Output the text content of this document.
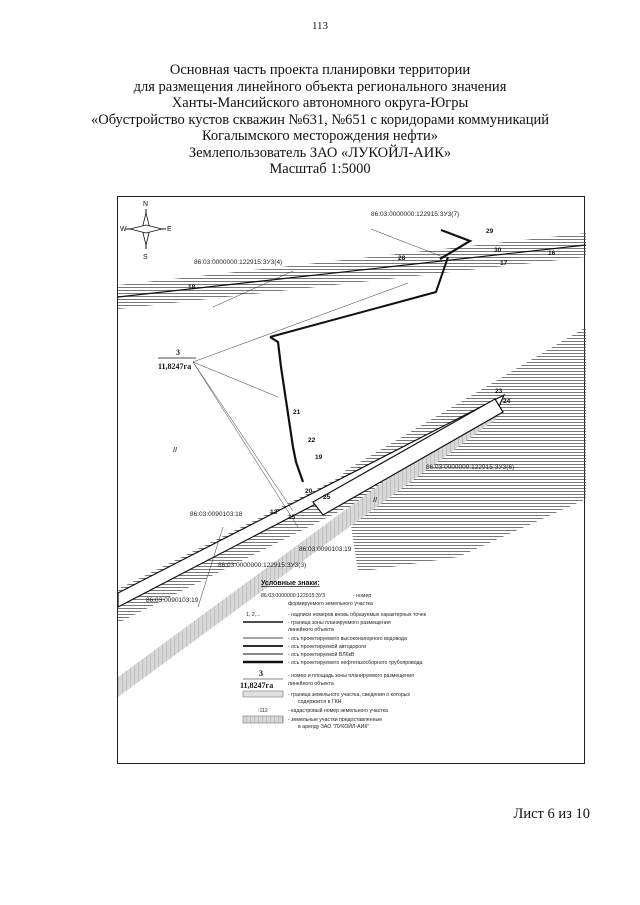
113
Основная часть проекта планировки территории
для размещения линейного объекта регионального значения
Ханты-Мансийского автономного округа-Югры
«Обустройство кустов скважин №631, №651 с коридорами коммуникаций
Когалымского месторождения нефти»
Землепользователь ЗАО «ЛУКОЙЛ-АИК»
Масштаб 1:5000
N
S
W	E
86:03:0000000:122915:ЗУ3(7)
86:03:0000000:122915:ЗУ3(4)
86:03:0000000:122915:ЗУ3(6)
86:03:0000000:122915:ЗУ3(3)
86:03:0090103:18
86:03:0090103:19
86:03:0090103:19
3
11,8247га
29
30
28
16
18
23
24
21
22
19
20
25
13
15
17
II
II
Условные знаки:
86:03:0000000:122915:ЗУ3	- номер
формируемого земельного участка
1, 2,...	- надписи номеров вновь образуемых характерных точек
- граница зоны планируемого размещения
линейного объекта
- ось проектируемого высоконапорного водовода
- ось проектируемой автодороги
- ось проектируемой ВЛ6кВ
- ось проектируемого нефтегазосборного трубопровода
3	- номер и площадь зоны планируемого размещения
11,8247га	линейного объекта
- граница земельного участка, сведения о которых
содержатся в ГКН
:112	- кадастровый номер земельного участка
- земельные участки предоставленные
в аренду ЗАО "ЛУКОЙЛ-АИК"
Лист 6 из 10
